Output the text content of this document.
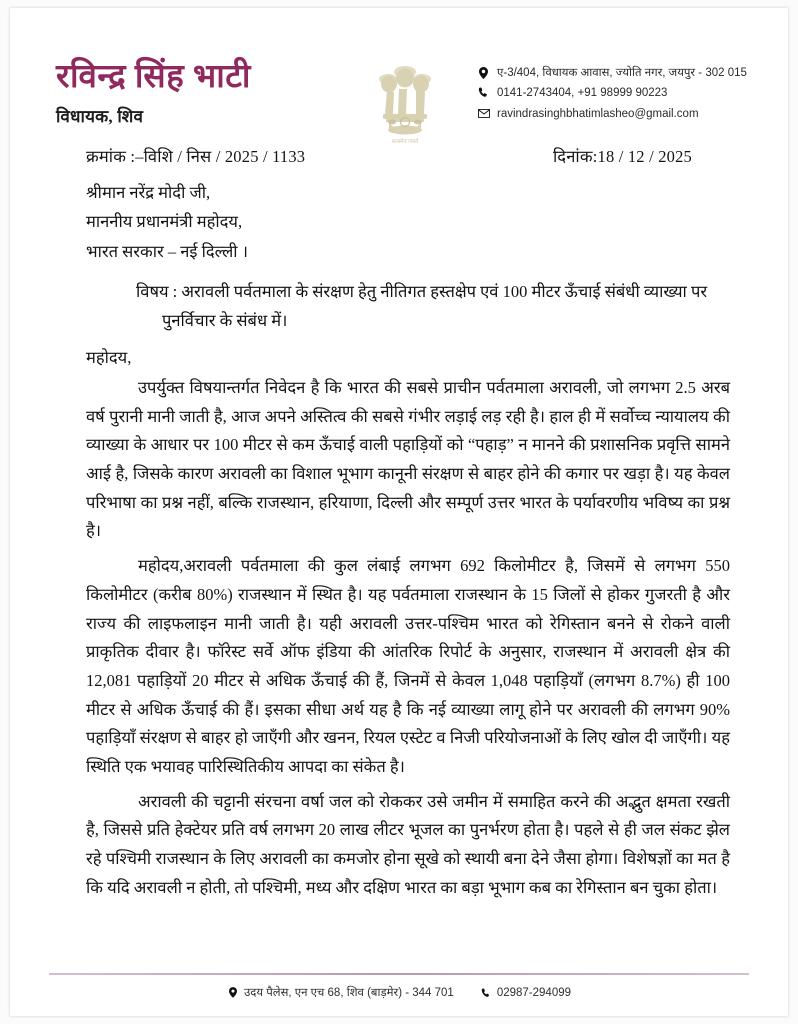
रविन्द्र सिंह भाटी
विधायक, शिव
सत्यमेव जयते
ए-3/404, विधायक आवास, ज्योति नगर, जयपुर - 302 015
0141-2743404, +91 98999 90223
ravindrasinghbhatimlasheo@gmail.com
क्रमांक :–विशि / निस / 2025 / 1133	दिनांक:18 / 12 / 2025
श्रीमान नरेंद्र मोदी जी,
माननीय प्रधानमंत्री महोदय,
भारत सरकार – नई दिल्ली ।
विषय : अरावली पर्वतमाला के संरक्षण हेतु नीतिगत हस्तक्षेप एवं 100 मीटर ऊँचाई संबंधी व्याख्या पर
पुनर्विचार के संबंध में।
महोदय,

उपर्युक्त विषयान्तर्गत निवेदन है कि भारत की सबसे प्राचीन पर्वतमाला अरावली, जो लगभग 2.5 अरब वर्ष पुरानी मानी जाती है, आज अपने अस्तित्व की सबसे गंभीर लड़ाई लड़ रही है। हाल ही में सर्वोच्च न्यायालय की व्याख्या के आधार पर 100 मीटर से कम ऊँचाई वाली पहाड़ियों को “पहाड़” न मानने की प्रशासनिक प्रवृत्ति सामने आई है, जिसके कारण अरावली का विशाल भूभाग कानूनी संरक्षण से बाहर होने की कगार पर खड़ा है। यह केवल परिभाषा का प्रश्न नहीं, बल्कि राजस्थान, हरियाणा, दिल्ली और सम्पूर्ण उत्तर भारत के पर्यावरणीय भविष्य का प्रश्न है।

महोदय,अरावली पर्वतमाला की कुल लंबाई लगभग 692 किलोमीटर है, जिसमें से लगभग 550 किलोमीटर (करीब 80%) राजस्थान में स्थित है। यह पर्वतमाला राजस्थान के 15 जिलों से होकर गुजरती है और राज्य की लाइफलाइन मानी जाती है। यही अरावली उत्तर-पश्चिम भारत को रेगिस्तान बनने से रोकने वाली प्राकृतिक दीवार है। फॉरेस्ट सर्वे ऑफ इंडिया की आंतरिक रिपोर्ट के अनुसार, राजस्थान में अरावली क्षेत्र की 12,081 पहाड़ियों 20 मीटर से अधिक ऊँचाई की हैं, जिनमें से केवल 1,048 पहाड़ियाँ (लगभग 8.7%) ही 100 मीटर से अधिक ऊँचाई की हैं। इसका सीधा अर्थ यह है कि नई व्याख्या लागू होने पर अरावली की लगभग 90% पहाड़ियाँ संरक्षण से बाहर हो जाएँगी और खनन, रियल एस्टेट व निजी परियोजनाओं के लिए खोल दी जाएँगी। यह स्थिति एक भयावह पारिस्थितिकीय आपदा का संकेत है।

अरावली की चट्टानी संरचना वर्षा जल को रोककर उसे जमीन में समाहित करने की अद्भुत क्षमता रखती है, जिससे प्रति हेक्टेयर प्रति वर्ष लगभग 20 लाख लीटर भूजल का पुनर्भरण होता है। पहले से ही जल संकट झेल रहे पश्चिमी राजस्थान के लिए अरावली का कमजोर होना सूखे को स्थायी बना देने जैसा होगा। विशेषज्ञों का मत है कि यदि अरावली न होती, तो पश्चिमी, मध्य और दक्षिण भारत का बड़ा भूभाग कब का रेगिस्तान बन चुका होता।

उदय पैलेस, एन एच 68, शिव (बाड़मेर) - 344 701	02987-294099
